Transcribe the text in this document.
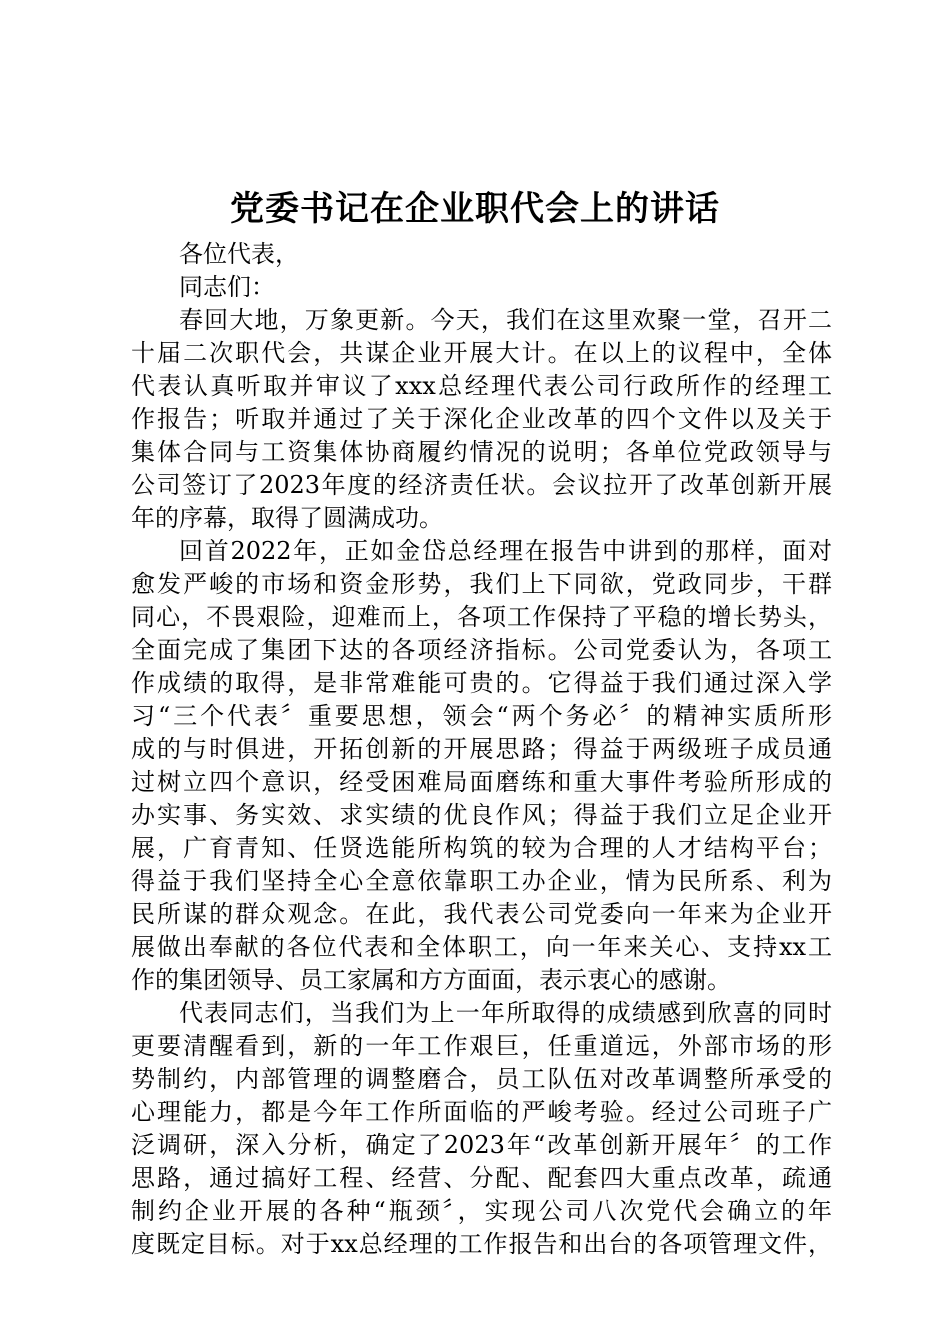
党委书记在企业职代会上的讲话
各位代表，
同志们：
春回大地，万象更新。今天，我们在这里欢聚一堂，召开二
十届二次职代会，共谋企业开展大计。在以上的议程中，全体
代表认真听取并审议了xxx总经理代表公司行政所作的经理工
作报告；听取并通过了关于深化企业改革的四个文件以及关于
集体合同与工资集体协商履约情况的说明；各单位党政领导与
公司签订了2023年度的经济责任状。会议拉开了改革创新开展
年的序幕，取得了圆满成功。
回首2022年，正如金岱总经理在报告中讲到的那样，面对
愈发严峻的市场和资金形势，我们上下同欲，党政同步，干群
同心，不畏艰险，迎难而上，各项工作保持了平稳的增长势头，
全面完成了集团下达的各项经济指标。公司党委认为，各项工
作成绩的取得，是非常难能可贵的。它得益于我们通过深入学
习“三个代表〞重要思想，领会“两个务必〞的精神实质所形
成的与时俱进，开拓创新的开展思路；得益于两级班子成员通
过树立四个意识，经受困难局面磨练和重大事件考验所形成的
办实事、务实效、求实绩的优良作风；得益于我们立足企业开
展，广育青知、任贤选能所构筑的较为合理的人才结构平台；
得益于我们坚持全心全意依靠职工办企业，情为民所系、利为
民所谋的群众观念。在此，我代表公司党委向一年来为企业开
展做出奉献的各位代表和全体职工，向一年来关心、支持xx工
作的集团领导、员工家属和方方面面，表示衷心的感谢。
代表同志们，当我们为上一年所取得的成绩感到欣喜的同时
更要清醒看到，新的一年工作艰巨，任重道远，外部市场的形
势制约，内部管理的调整磨合，员工队伍对改革调整所承受的
心理能力，都是今年工作所面临的严峻考验。经过公司班子广
泛调研，深入分析，确定了2023年“改革创新开展年〞的工作
思路，通过搞好工程、经营、分配、配套四大重点改革，疏通
制约企业开展的各种“瓶颈〞，实现公司八次党代会确立的年
度既定目标。对于xx总经理的工作报告和出台的各项管理文件，
